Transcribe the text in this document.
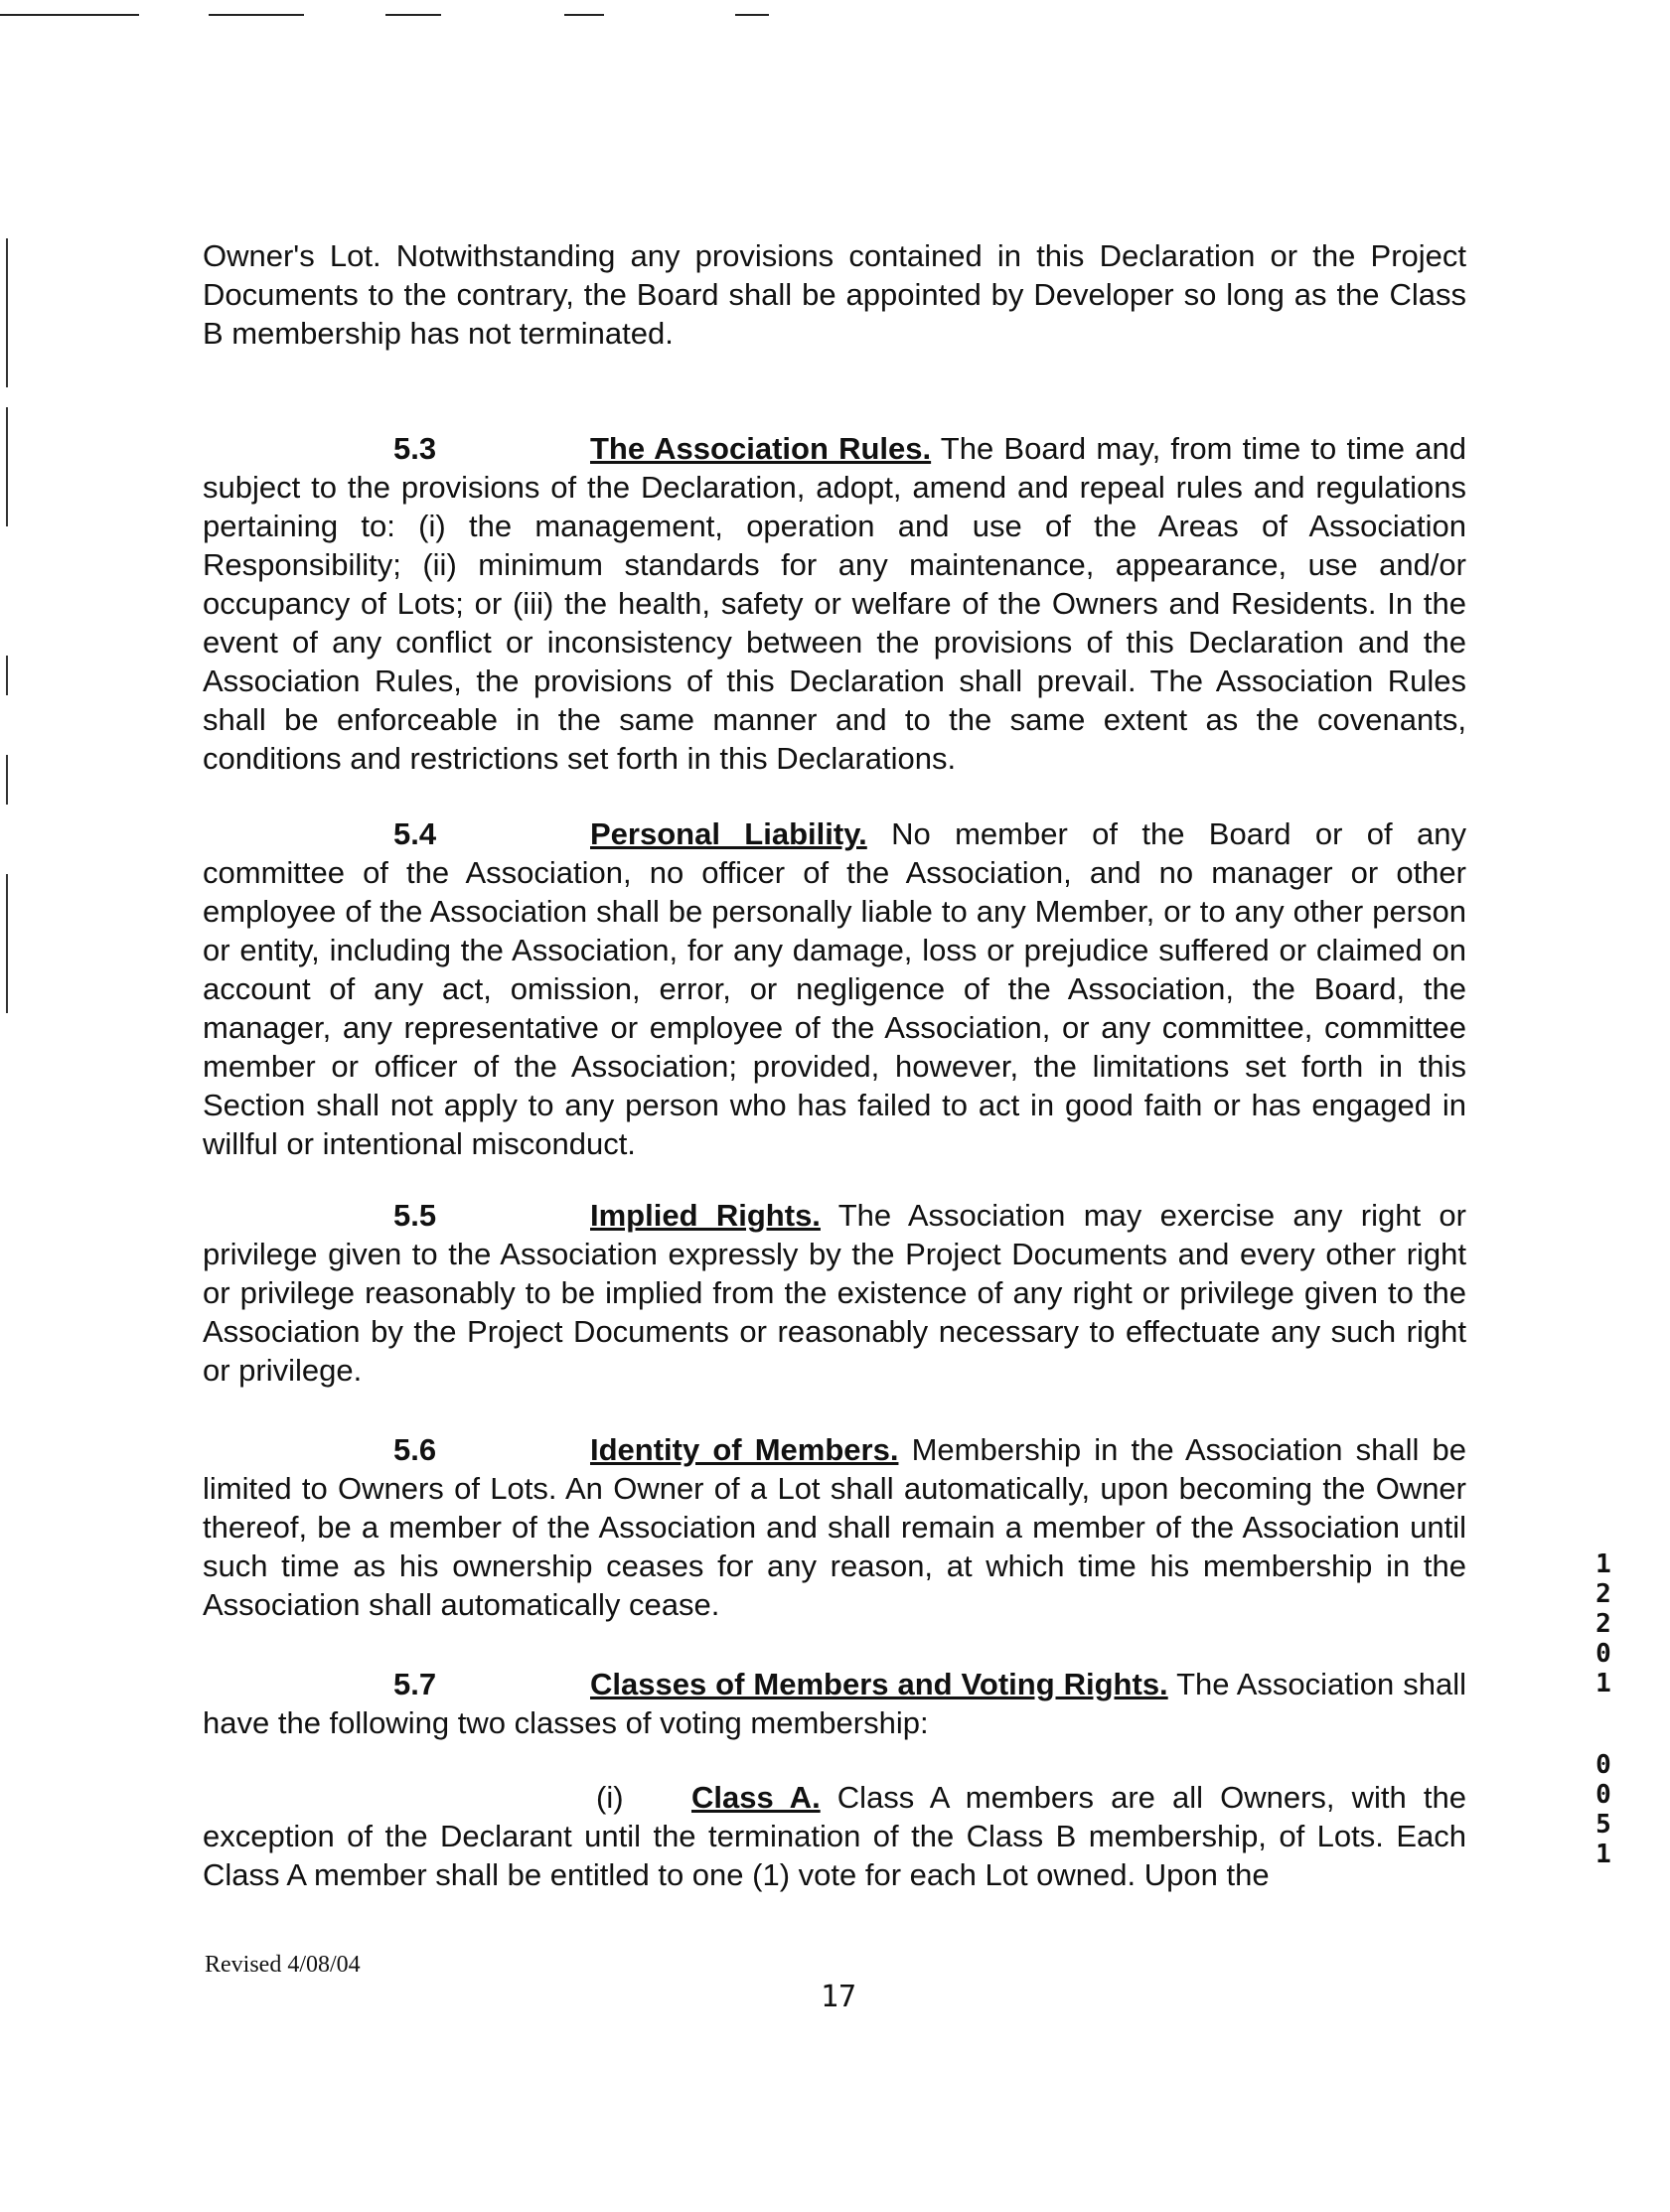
Owner's Lot. Notwithstanding any provisions contained in this Declaration or the Project Documents to the contrary, the Board shall be appointed by Developer so long as the Class B membership has not terminated.

5.3	The Association Rules. The Board may, from time to time and subject to the provisions of the Declaration, adopt, amend and repeal rules and regulations pertaining to: (i) the management, operation and use of the Areas of Association Responsibility; (ii) minimum standards for any maintenance, appearance, use and/or occupancy of Lots; or (iii) the health, safety or welfare of the Owners and Residents. In the event of any conflict or inconsistency between the provisions of this Declaration and the Association Rules, the provisions of this Declaration shall prevail. The Association Rules shall be enforceable in the same manner and to the same extent as the covenants, conditions and restrictions set forth in this Declarations.

5.4	Personal Liability. No member of the Board or of any committee of the Association, no officer of the Association, and no manager or other employee of the Association shall be personally liable to any Member, or to any other person or entity, including the Association, for any damage, loss or prejudice suffered or claimed on account of any act, omission, error, or negligence of the Association, the Board, the manager, any representative or employee of the Association, or any committee, committee member or officer of the Association; provided, however, the limitations set forth in this Section shall not apply to any person who has failed to act in good faith or has engaged in willful or intentional misconduct.

5.5	Implied Rights. The Association may exercise any right or privilege given to the Association expressly by the Project Documents and every other right or privilege reasonably to be implied from the existence of any right or privilege given to the Association by the Project Documents or reasonably necessary to effectuate any such right or privilege.

5.6	Identity of Members. Membership in the Association shall be limited to Owners of Lots. An Owner of a Lot shall automatically, upon becoming the Owner thereof, be a member of the Association and shall remain a member of the Association until such time as his ownership ceases for any reason, at which time his membership in the Association shall automatically cease.

5.7	Classes of Members and Voting Rights. The Association shall have the following two classes of voting membership:

(i)	Class A. Class A members are all Owners, with the exception of the Declarant until the termination of the Class B membership, of Lots. Each Class A member shall be entitled to one (1) vote for each Lot owned. Upon the

Revised 4/08/04
17
1
2
2
0
1
0
0
5
1
